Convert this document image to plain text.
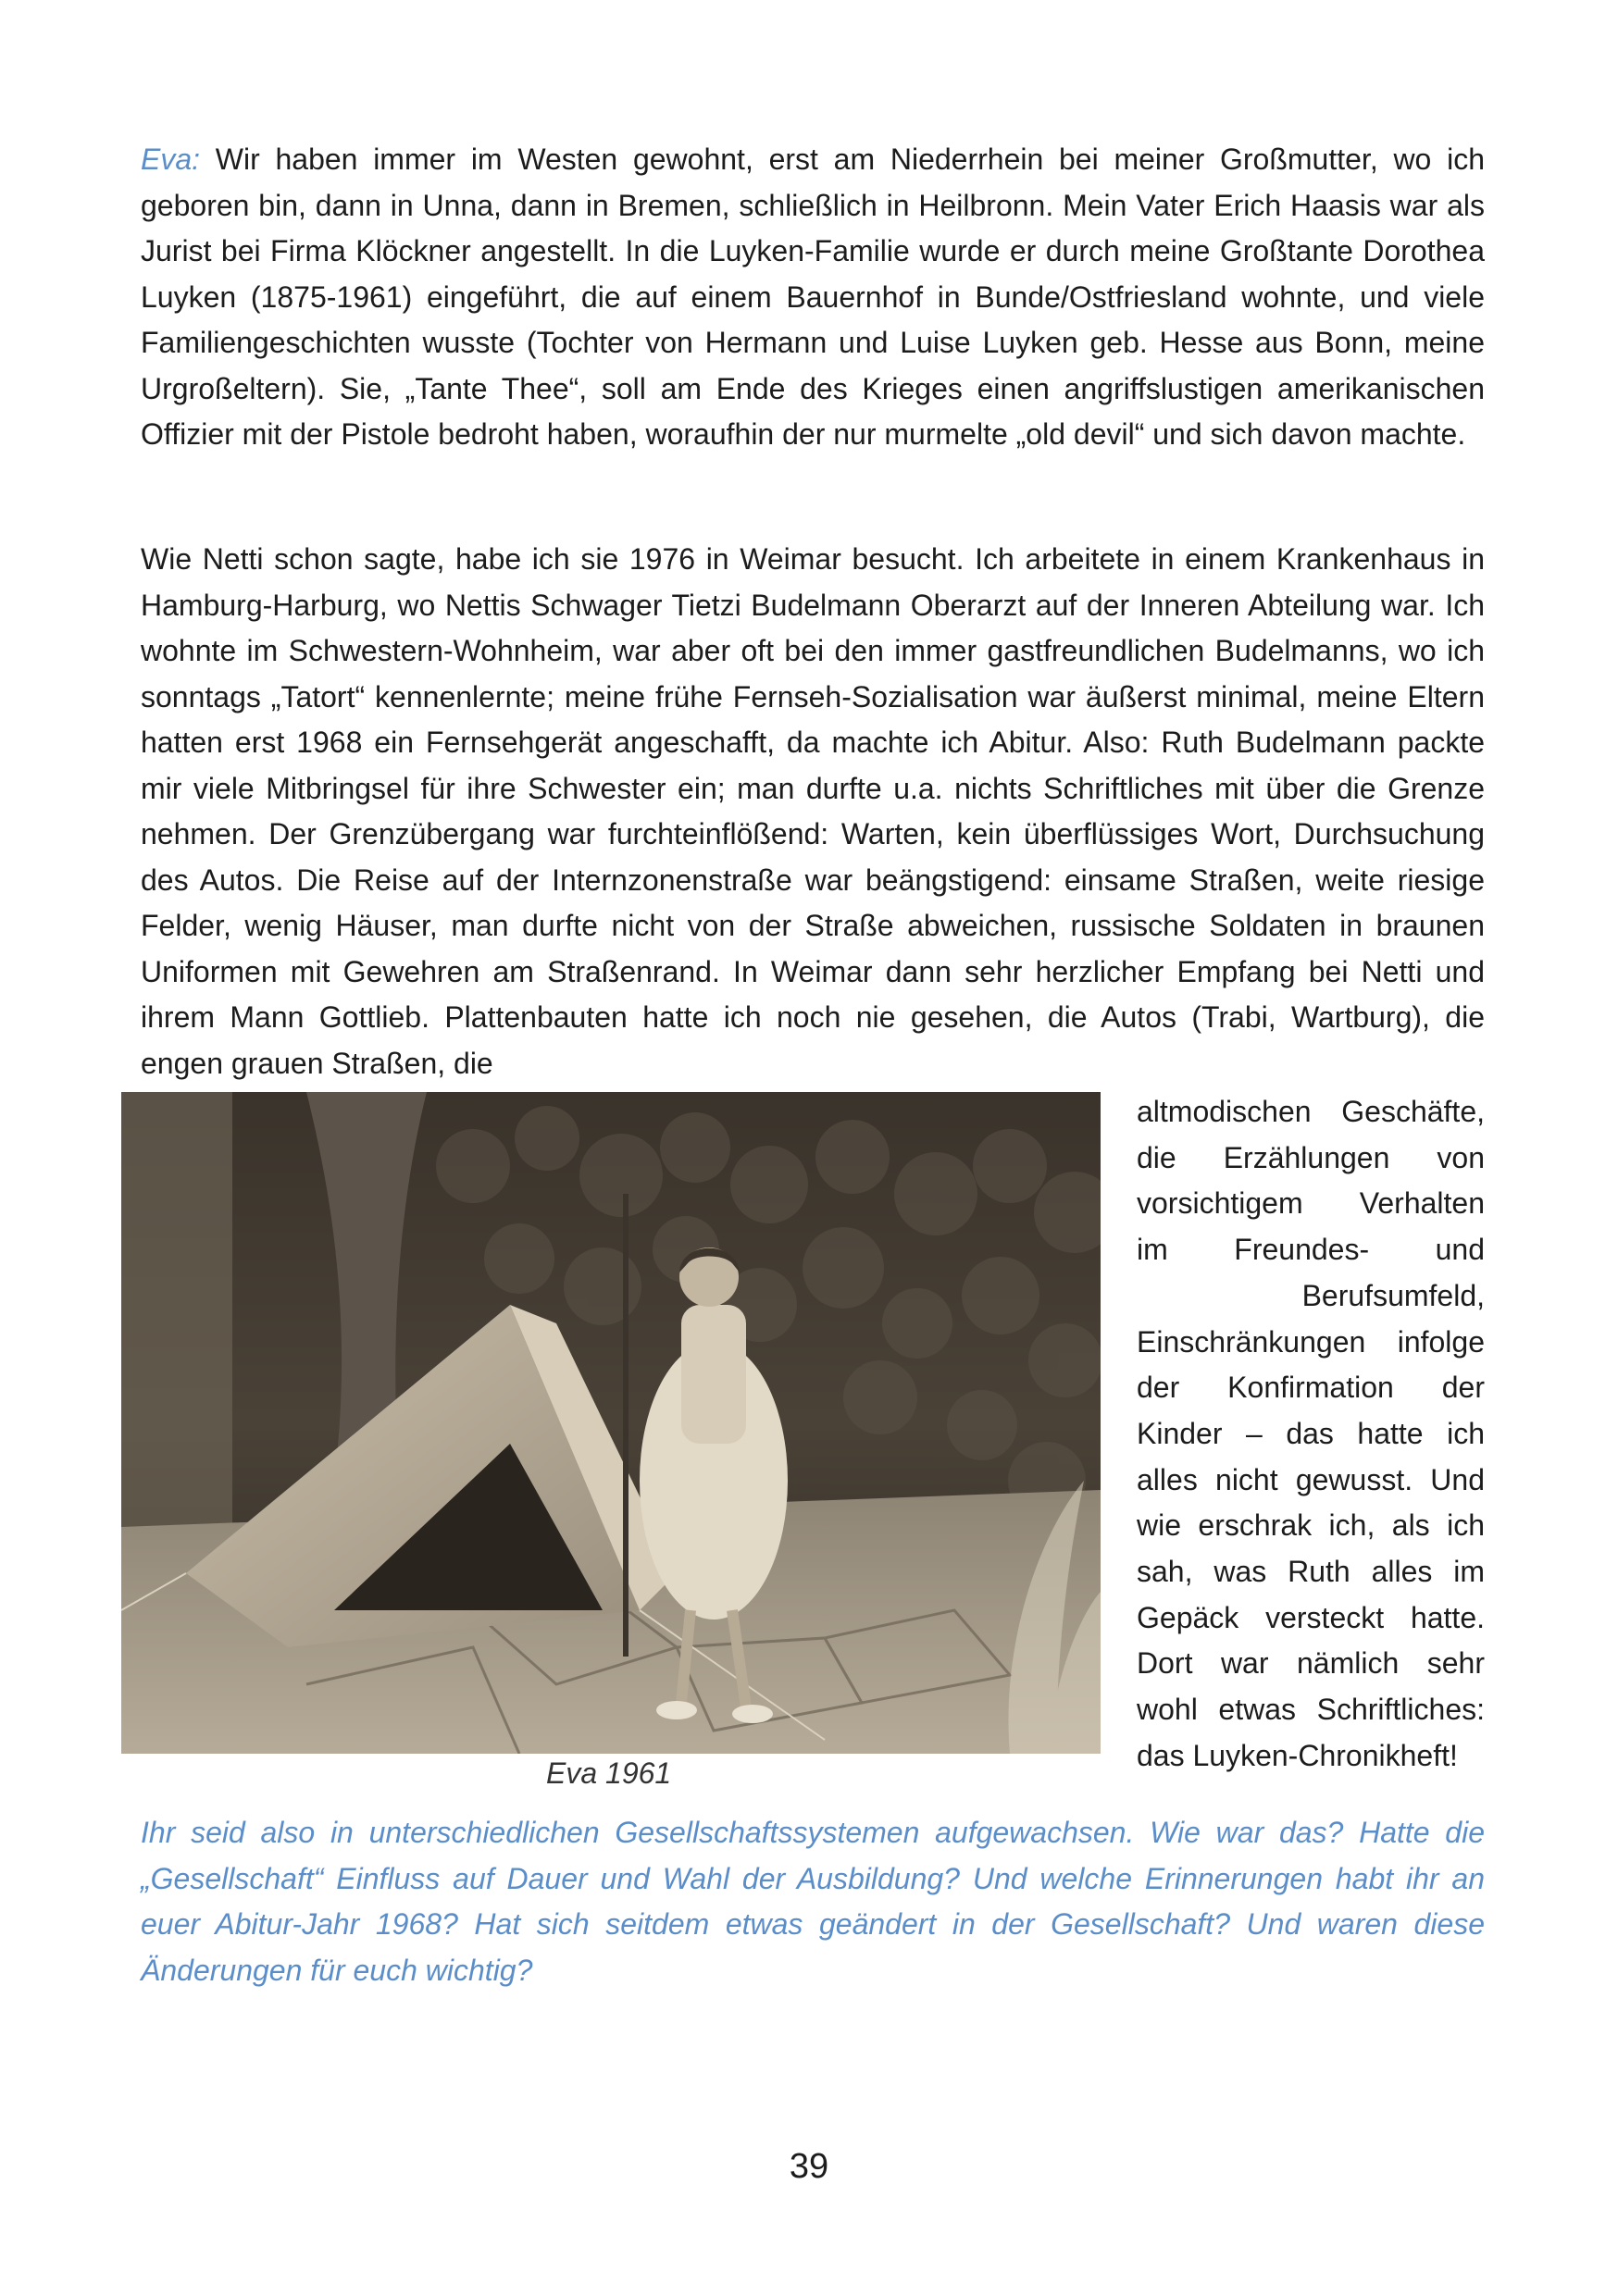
Eva: Wir haben immer im Westen gewohnt, erst am Niederrhein bei meiner Großmutter, wo ich geboren bin, dann in Unna, dann in Bremen, schließlich in Heilbronn. Mein Vater Erich Haasis war als Jurist bei Firma Klöckner angestellt. In die Luyken-Familie wurde er durch meine Großtante Dorothea Luyken (1875-1961) eingeführt, die auf einem Bauernhof in Bunde/Ostfriesland wohnte, und viele Familiengeschichten wusste (Tochter von Hermann und Luise Luyken geb. Hesse aus Bonn, meine Urgroßeltern). Sie, „Tante Thee“, soll am Ende des Krieges einen angriffslustigen amerikanischen Offizier mit der Pistole bedroht haben, woraufhin der nur murmelte „old devil“ und sich davon machte.

Wie Netti schon sagte, habe ich sie 1976 in Weimar besucht. Ich arbeitete in einem Krankenhaus in Hamburg-Harburg, wo Nettis Schwager Tietzi Budelmann Oberarzt auf der Inneren Abteilung war. Ich wohnte im Schwestern-Wohnheim, war aber oft bei den immer gastfreundlichen Budelmanns, wo ich sonntags „Tatort“ kennenlernte; meine frühe Fernseh-Sozialisation war äußerst minimal, meine Eltern hatten erst 1968 ein Fernsehgerät angeschafft, da machte ich Abitur. Also: Ruth Budelmann packte mir viele Mitbringsel für ihre Schwester ein; man durfte u.a. nichts Schriftliches mit über die Grenze nehmen. Der Grenzübergang war furchteinflößend: Warten, kein überflüssiges Wort, Durchsuchung des Autos. Die Reise auf der Internzonenstraße war beängstigend: einsame Straßen, weite riesige Felder, wenig Häuser, man durfte nicht von der Straße abweichen, russische Soldaten in braunen Uniformen mit Gewehren am Straßenrand. In Weimar dann sehr herzlicher Empfang bei Netti und ihrem Mann Gottlieb. Plattenbauten hatte ich noch nie gesehen, die Autos (Trabi, Wartburg), die engen grauen Straßen, die

altmodischen Geschäfte,
die Erzählungen von
vorsichtigem Verhalten
im Freundes- und
Berufsumfeld,
Einschränkungen infolge
der Konfirmation der
Kinder – das hatte ich
alles nicht gewusst. Und
wie erschrak ich, als ich
sah, was Ruth alles im
Gepäck versteckt hatte.
Dort war nämlich sehr
wohl etwas Schriftliches:
das Luyken-Chronikheft!

Eva 1961

Ihr seid also in unterschiedlichen Gesellschaftssystemen aufgewachsen. Wie war das? Hatte die „Gesellschaft“ Einfluss auf Dauer und Wahl der Ausbildung? Und welche Erinnerungen habt ihr an euer Abitur-Jahr 1968? Hat sich seitdem etwas geändert in der Gesellschaft? Und waren diese Änderungen für euch wichtig?

39
